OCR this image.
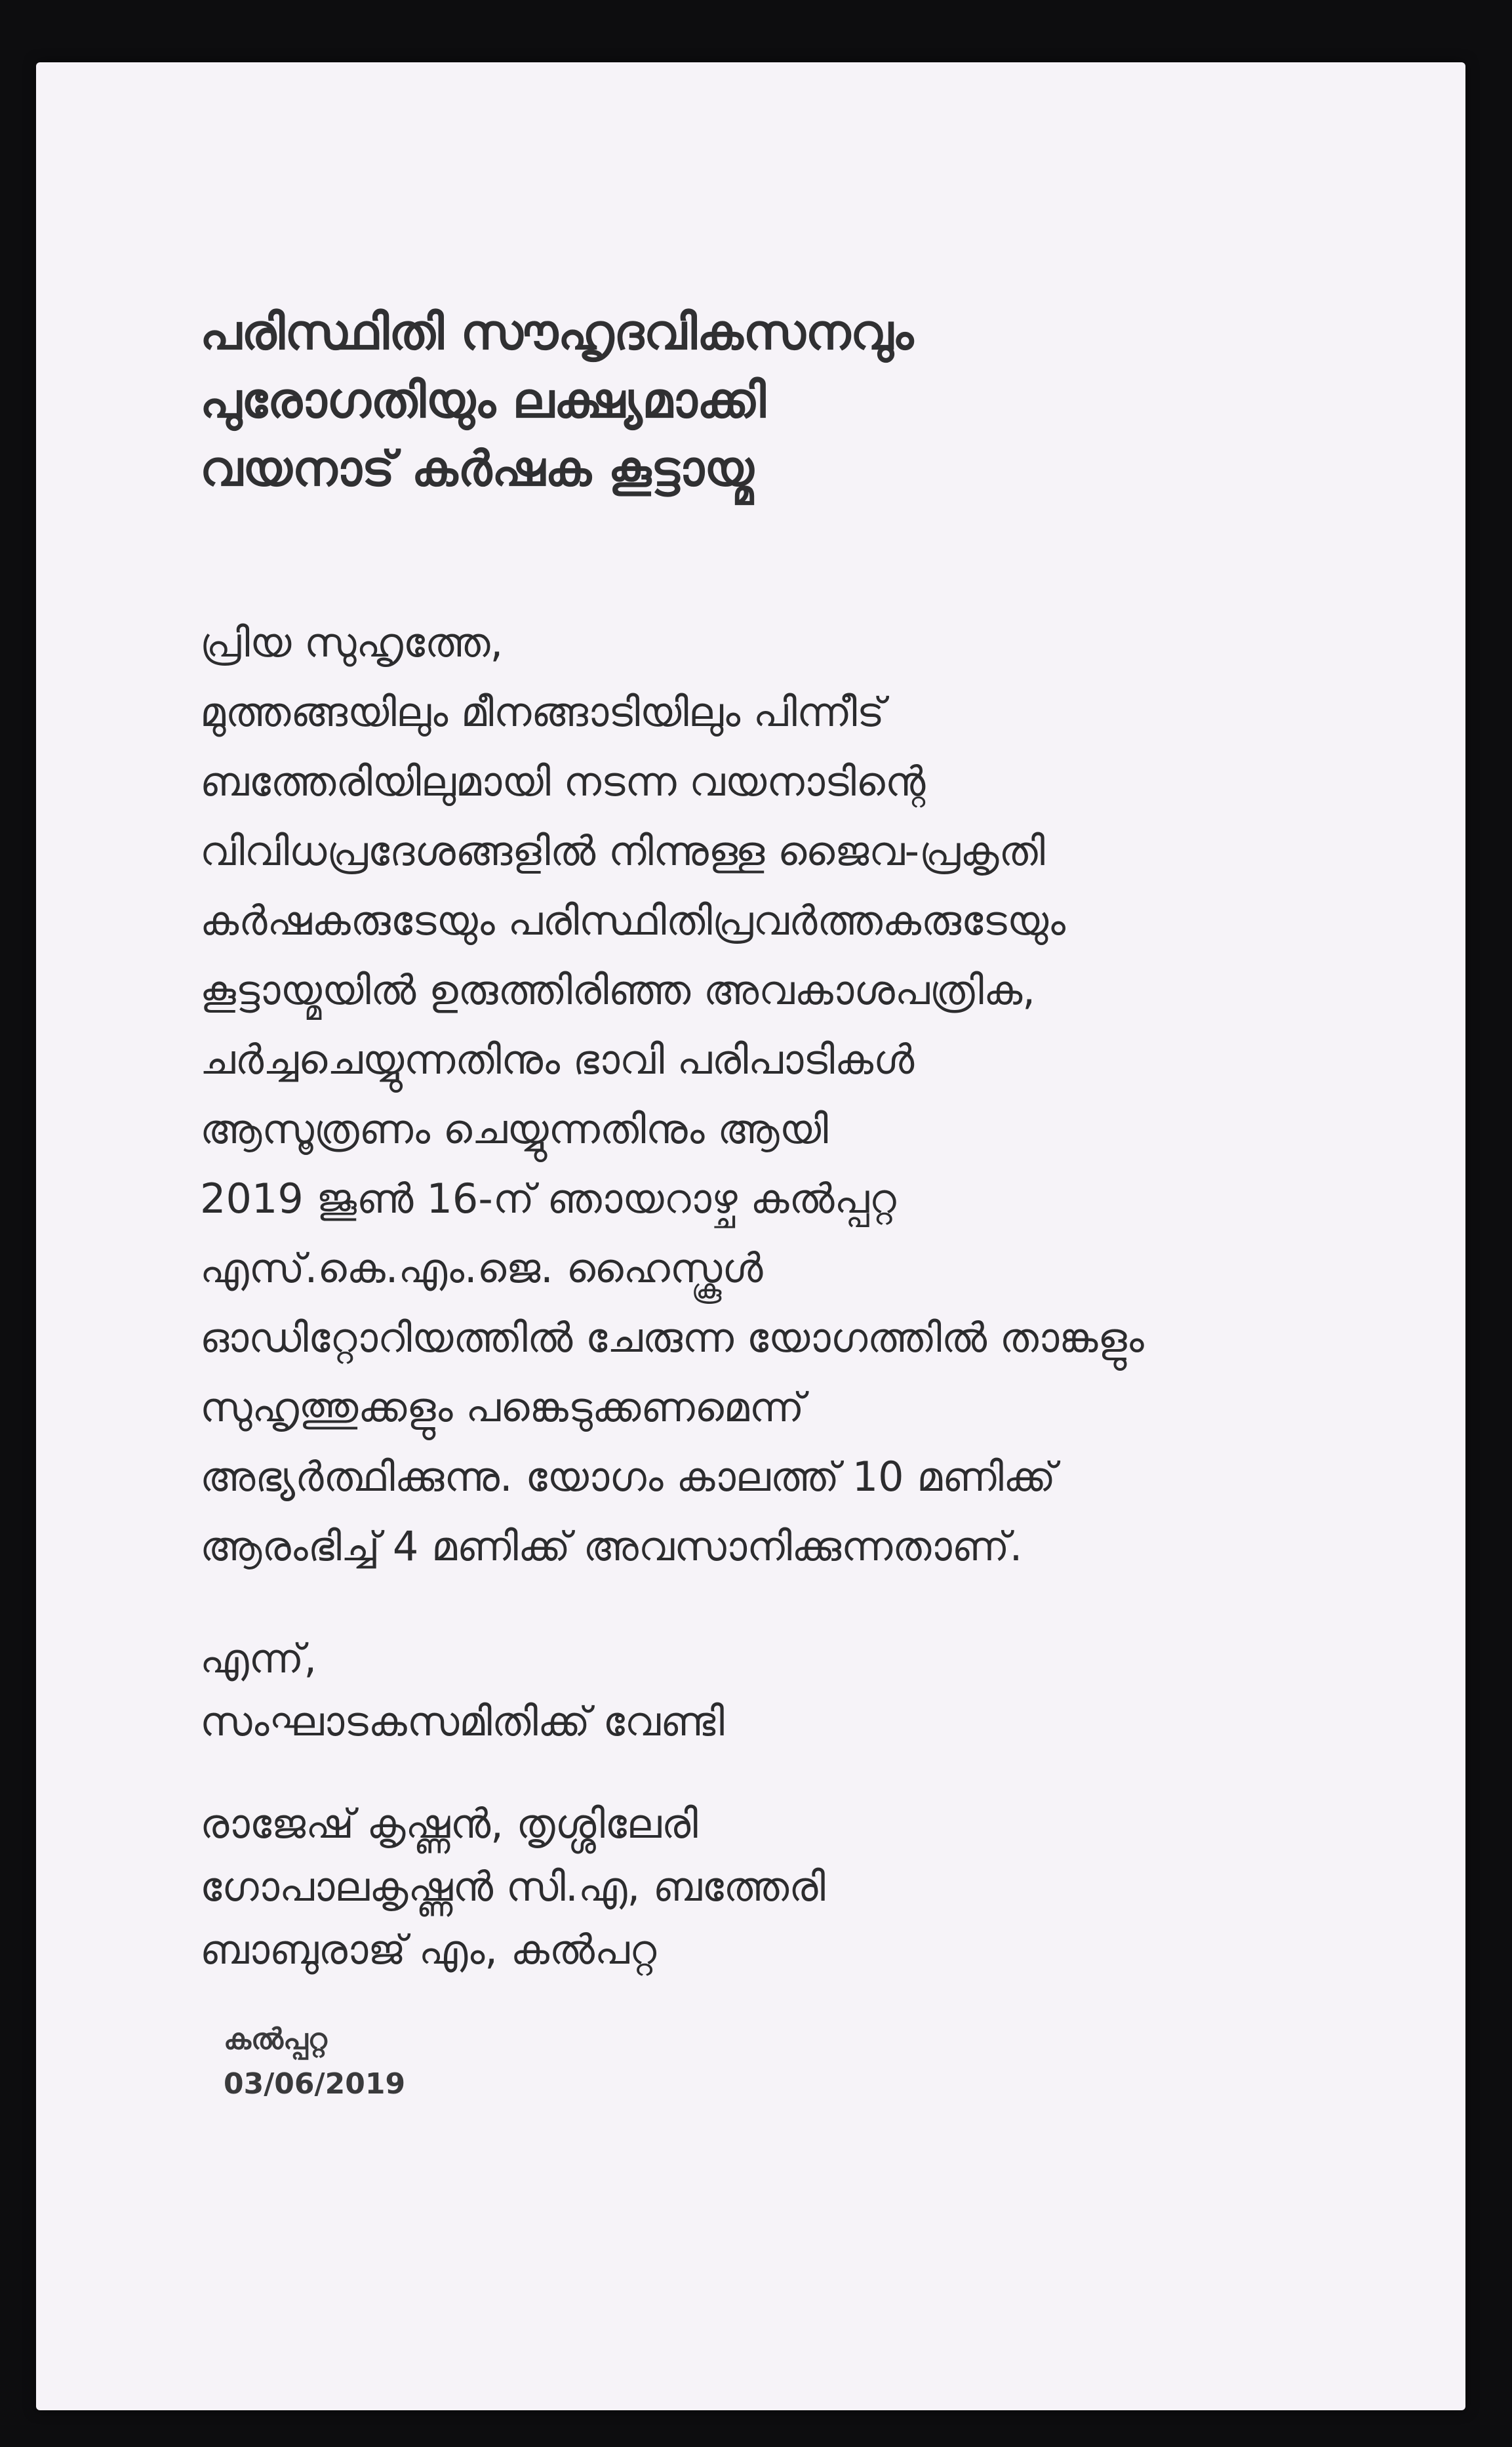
പരിസ്ഥിതി സൗഹൃദവികസനവും
പുരോഗതിയും ലക്ഷ്യമാക്കി
വയനാട് കർഷക കൂട്ടായ്മ
പ്രിയ സുഹൃത്തേ,
മുത്തങ്ങയിലും മീനങ്ങാടിയിലും പിന്നീട്
ബത്തേരിയിലുമായി നടന്ന വയനാടിന്റെ
വിവിധപ്രദേശങ്ങളിൽ നിന്നുള്ള ജൈവ-പ്രകൃതി
കർഷകരുടേയും പരിസ്ഥിതിപ്രവർത്തകരുടേയും
കൂട്ടായ്മയിൽ ഉരുത്തിരിഞ്ഞ അവകാശപത്രിക,
ചർച്ചചെയ്യുന്നതിനും ഭാവി പരിപാടികൾ
ആസൂത്രണം ചെയ്യുന്നതിനും ആയി
2019 ജൂൺ 16-ന് ഞായറാഴ്ച കൽപ്പറ്റ
എസ്.കെ.എം.ജെ. ഹൈസ്കൂൾ
ഓഡിറ്റോറിയത്തിൽ ചേരുന്ന യോഗത്തിൽ താങ്കളും
സുഹൃത്തുക്കളും പങ്കെടുക്കണമെന്ന്
അഭ്യർത്ഥിക്കുന്നു. യോഗം കാലത്ത് 10 മണിക്ക്
ആരംഭിച്ച് 4 മണിക്ക് അവസാനിക്കുന്നതാണ്.
എന്ന്,
സംഘാടകസമിതിക്ക് വേണ്ടി
രാജേഷ് കൃഷ്ണൻ, തൃശ്ശിലേരി
ഗോപാലകൃഷ്ണൻ സി.എ, ബത്തേരി
ബാബുരാജ് എം, കൽപറ്റ
കൽപ്പറ്റ
03/06/2019
